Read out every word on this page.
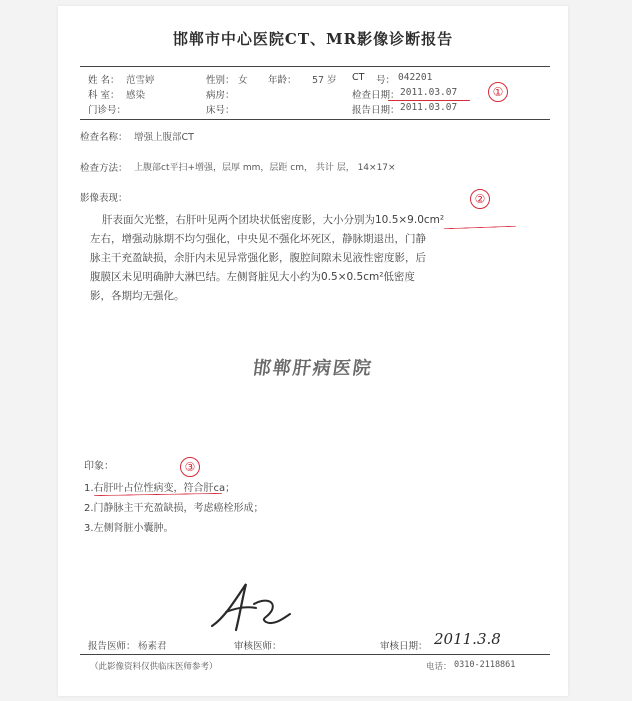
邯郸市中心医院CT、MR影像诊断报告
姓 名： 范雪婷	性别： 女 年龄： 57 岁 CT 号： 042201
科 室： 感染	病房：	检查日期： 2011.03.07
门诊号：	床号：	报告日期： 2011.03.07
①
检查名称： 增强上腹部CT
检查方法： 上腹部ct平扫+增强，层厚 mm，层距 cm， 共计 层， 14×17×
影像表现：
肝表面欠光整，右肝叶见两个团块状低密度影，大小分别为10.5×9.0cm²
左右，增强动脉期不均匀强化，中央见不强化坏死区，静脉期退出，门静
脉主干充盈缺损，余肝内未见异常强化影，腹腔间隙未见液性密度影，后
腹膜区未见明确肿大淋巴结。左侧肾脏见大小约为0.5×0.5cm²低密度
影，各期均无强化。
②
邯郸肝病医院
印象：
1.右肝叶占位性病变，符合肝ca；
2.门静脉主干充盈缺损，考虑癌栓形成；
3.左侧肾脏小囊肿。
③
报告医师： 杨素君	审核医师：	审核日期： 2011.3.8
（此影像资料仅供临床医师参考）	电话： 0310-2118861
